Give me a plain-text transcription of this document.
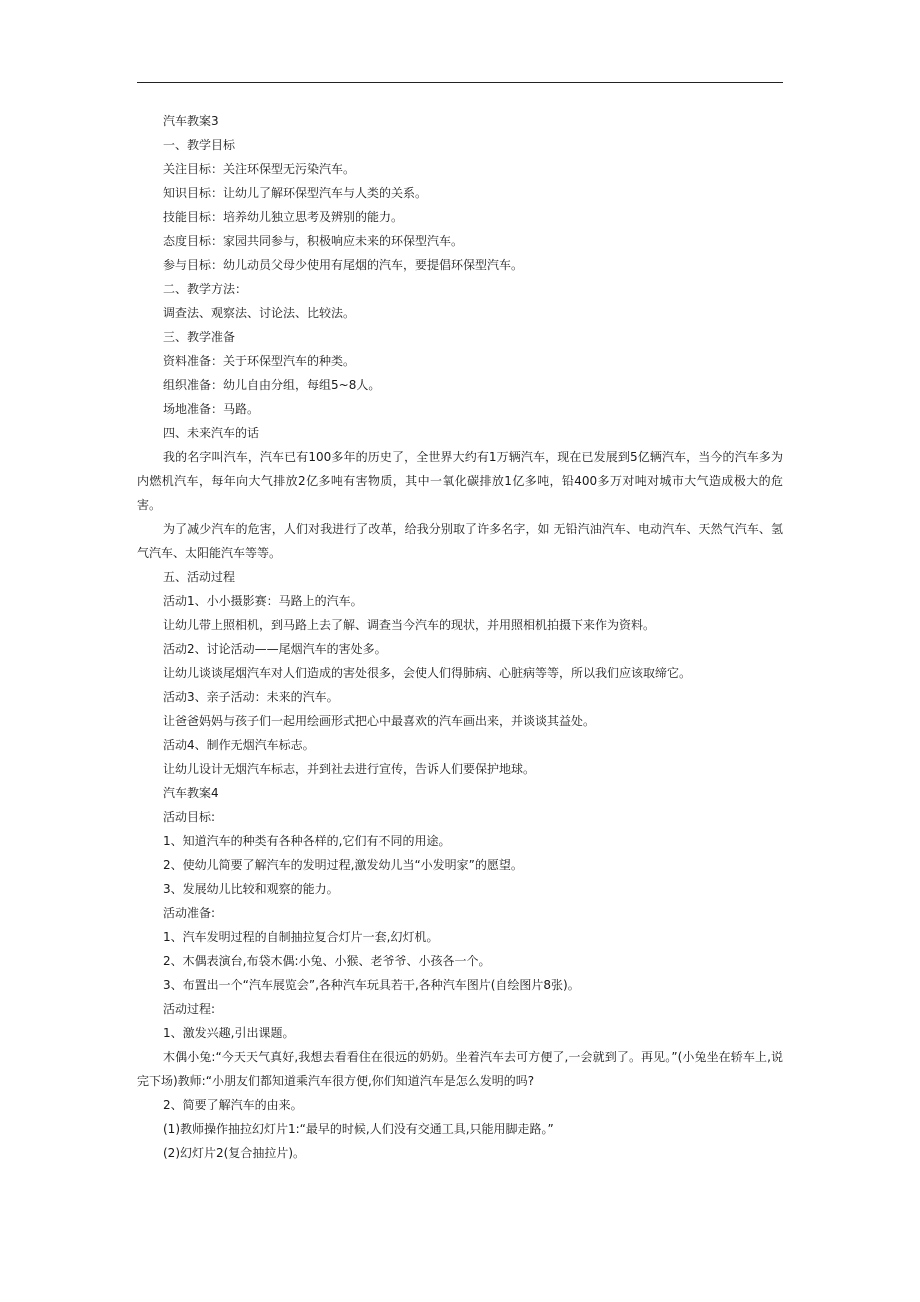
汽车教案3

一、教学目标

关注目标：关注环保型无污染汽车。

知识目标：让幼儿了解环保型汽车与人类的关系。

技能目标：培养幼儿独立思考及辨别的能力。

态度目标：家园共同参与，积极响应未来的环保型汽车。

参与目标：幼儿动员父母少使用有尾烟的汽车，要提倡环保型汽车。

二、教学方法：

调查法、观察法、讨论法、比较法。

三、教学准备

资料准备：关于环保型汽车的种类。

组织准备：幼儿自由分组，每组5~8人。

场地准备：马路。

四、未来汽车的话

我的名字叫汽车，汽车已有100多年的历史了，全世界大约有1万辆汽车，现在已发展到5亿辆汽车，当今的汽车多为内燃机汽车，每年向大气排放2亿多吨有害物质，其中一氧化碳排放1亿多吨，铅400多万对吨对城市大气造成极大的危害。

为了减少汽车的危害，人们对我进行了改革，给我分别取了许多名字，如 无铅汽油汽车、电动汽车、天然气汽车、氢气汽车、太阳能汽车等等。

五、活动过程

活动1、小小摄影赛：马路上的汽车。

让幼儿带上照相机，到马路上去了解、调查当今汽车的现状，并用照相机拍摄下来作为资料。

活动2、讨论活动——尾烟汽车的害处多。

让幼儿谈谈尾烟汽车对人们造成的害处很多，会使人们得肺病、心脏病等等，所以我们应该取缔它。

活动3、亲子活动：未来的汽车。

让爸爸妈妈与孩子们一起用绘画形式把心中最喜欢的汽车画出来，并谈谈其益处。

活动4、制作无烟汽车标志。

让幼儿设计无烟汽车标志，并到社去进行宣传，告诉人们要保护地球。

汽车教案4

活动目标:

1、知道汽车的种类有各种各样的,它们有不同的用途。

2、使幼儿简要了解汽车的发明过程,激发幼儿当“小发明家”的愿望。

3、发展幼儿比较和观察的能力。

活动准备:

1、汽车发明过程的自制抽拉复合灯片一套,幻灯机。

2、木偶表演台,布袋木偶:小兔、小猴、老爷爷、小孩各一个。

3、布置出一个“汽车展览会”,各种汽车玩具若干,各种汽车图片(自绘图片8张)。

活动过程:

1、激发兴趣,引出课题。

木偶小兔:“今天天气真好,我想去看看住在很远的奶奶。坐着汽车去可方便了,一会就到了。再见。”(小兔坐在轿车上,说完下场)教师:“小朋友们都知道乘汽车很方便,你们知道汽车是怎么发明的吗?

2、简要了解汽车的由来。

(1)教师操作抽拉幻灯片1:“最早的时候,人们没有交通工具,只能用脚走路。”

(2)幻灯片2(复合抽拉片)。
